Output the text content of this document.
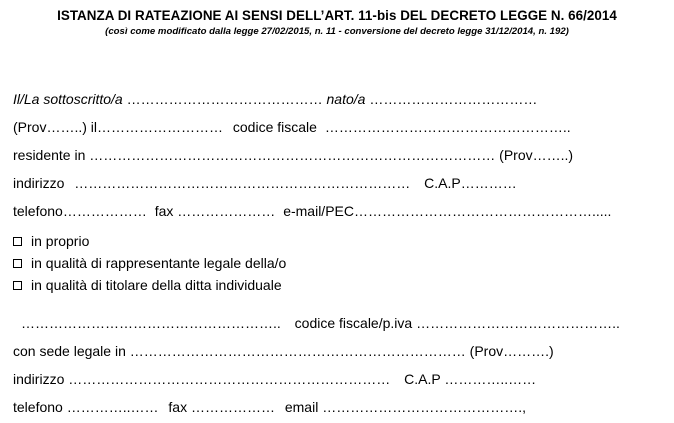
ISTANZA DI RATEAZIONE AI SENSI DELL’ART. 11-bis DEL DECRETO LEGGE N. 66/2014
(così come modificato dalla legge 27/02/2015, n. 11 - conversione del decreto legge 31/12/2014, n. 192)
Il/La sottoscritto/a …………………………………… nato/a ………………………………
(Prov……..) il……………………… codice fiscale ……………………………………………..
residente in …………………………………………………………………………… (Prov……..)
indirizzo ……………………………………………………………… C.A.P…………
telefono……………… fax ………………… e-mail/PEC…………………………………………….....
in proprio
in qualità di rappresentante legale della/o
in qualità di titolare della ditta individuale
……………………………………………….. codice fiscale/p.iva ……………………………………..
con sede legale in ……………………………………………………………… (Prov……….)
indirizzo …………………………………………………………… C.A.P …………..……
telefono …………..…… fax ……………… email …………………………………….,
